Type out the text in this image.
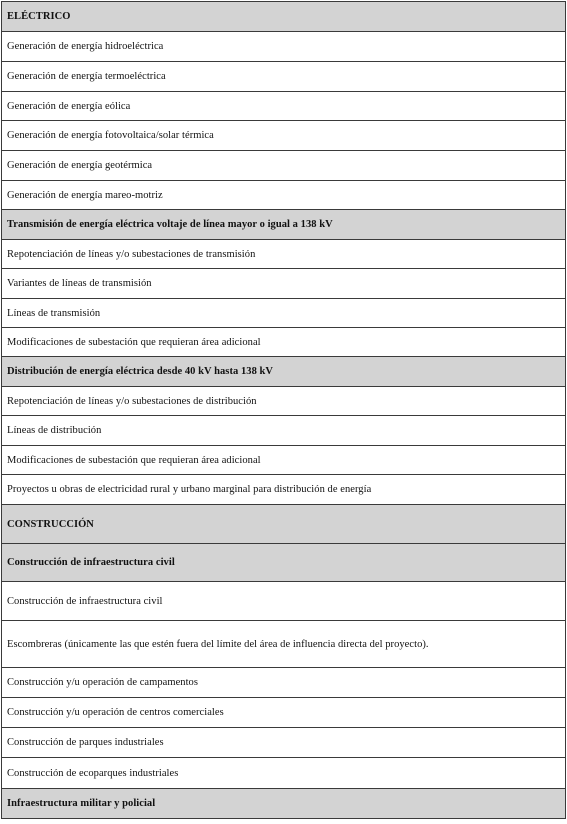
ELÉCTRICO
Generación de energía hidroeléctrica
Generación de energía termoeléctrica
Generación de energía eólica
Generación de energía fotovoltaica/solar térmica
Generación de energía geotérmica
Generación de energía mareo-motriz
Transmisión de energía eléctrica voltaje de línea mayor o igual a 138 kV
Repotenciación de líneas y/o subestaciones de transmisión
Variantes de líneas de transmisión
Líneas de transmisión
Modificaciones de subestación que requieran área adicional
Distribución de energía eléctrica desde 40 kV hasta 138 kV
Repotenciación de líneas y/o subestaciones de distribución
Líneas de distribución
Modificaciones de subestación que requieran área adicional
Proyectos u obras de electricidad rural y urbano marginal para distribución de energía
CONSTRUCCIÓN
Construcción de infraestructura civil
Construcción de infraestructura civil
Escombreras (únicamente las que estén fuera del límite del área de influencia directa del proyecto).
Construcción y/u operación de campamentos
Construcción y/u operación de centros comerciales
Construcción de parques industriales
Construcción de ecoparques industriales
Infraestructura militar y policial
